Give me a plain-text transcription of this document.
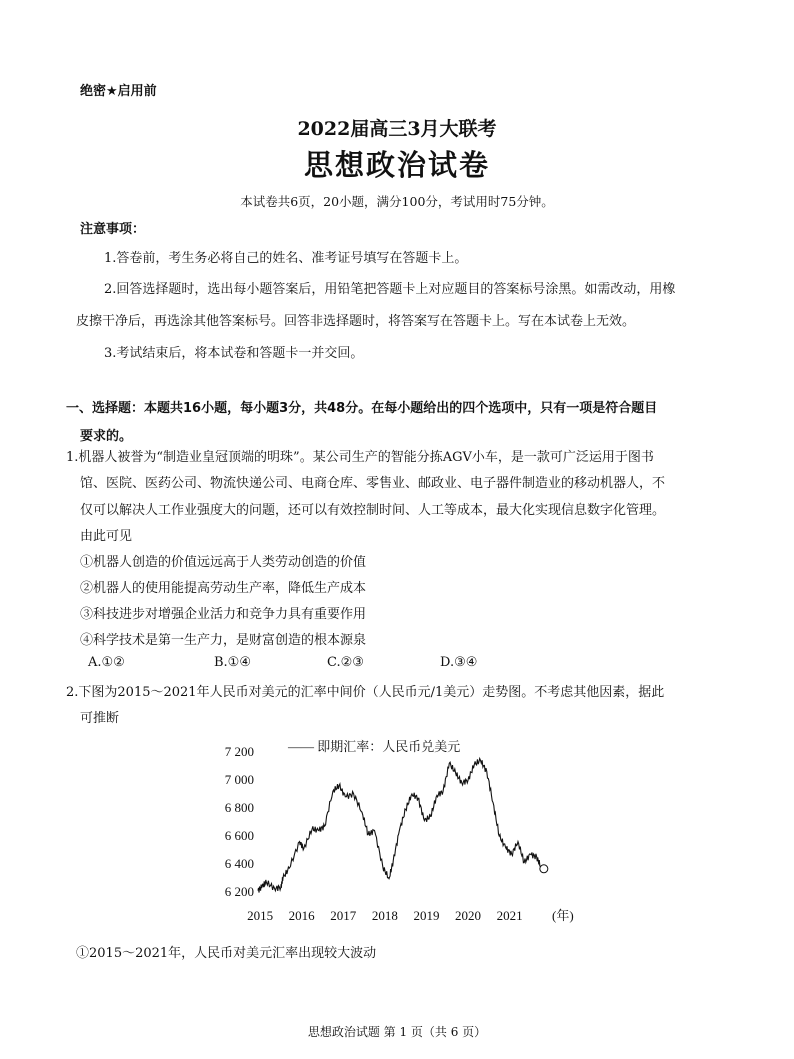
绝密★启用前
2022届高三3月大联考
思想政治试卷
本试卷共6页，20小题，满分100分，考试用时75分钟。
注意事项：
1.答卷前，考生务必将自己的姓名、准考证号填写在答题卡上。
2.回答选择题时，选出每小题答案后，用铅笔把答题卡上对应题目的答案标号涂黑。如需改动，用橡
皮擦干净后，再选涂其他答案标号。回答非选择题时，将答案写在答题卡上。写在本试卷上无效。
3.考试结束后，将本试卷和答题卡一并交回。
一、选择题：本题共16小题，每小题3分，共48分。在每小题给出的四个选项中，只有一项是符合题目
要求的。
1.机器人被誉为“制造业皇冠顶端的明珠”。某公司生产的智能分拣AGV小车，是一款可广泛运用于图书
馆、医院、医药公司、物流快递公司、电商仓库、零售业、邮政业、电子器件制造业的移动机器人，不
仅可以解决人工作业强度大的问题，还可以有效控制时间、人工等成本，最大化实现信息数字化管理。
由此可见
①机器人创造的价值远远高于人类劳动创造的价值
②机器人的使用能提高劳动生产率，降低生产成本
③科技进步对增强企业活力和竞争力具有重要作用
④科学技术是第一生产力，是财富创造的根本源泉
A.①②	B.①④	C.②③	D.③④
2.下图为2015～2021年人民币对美元的汇率中间价（人民币元/1美元）走势图。不考虑其他因素，据此
可推断
7 200
7 000
6 800
6 600
6 400
6 200
2015 2016 2017 2018 2019 2020 2021 (年)
—— 即期汇率：人民币兑美元
①2015～2021年，人民币对美元汇率出现较大波动
思想政治试题 第 1 页（共 6 页）
